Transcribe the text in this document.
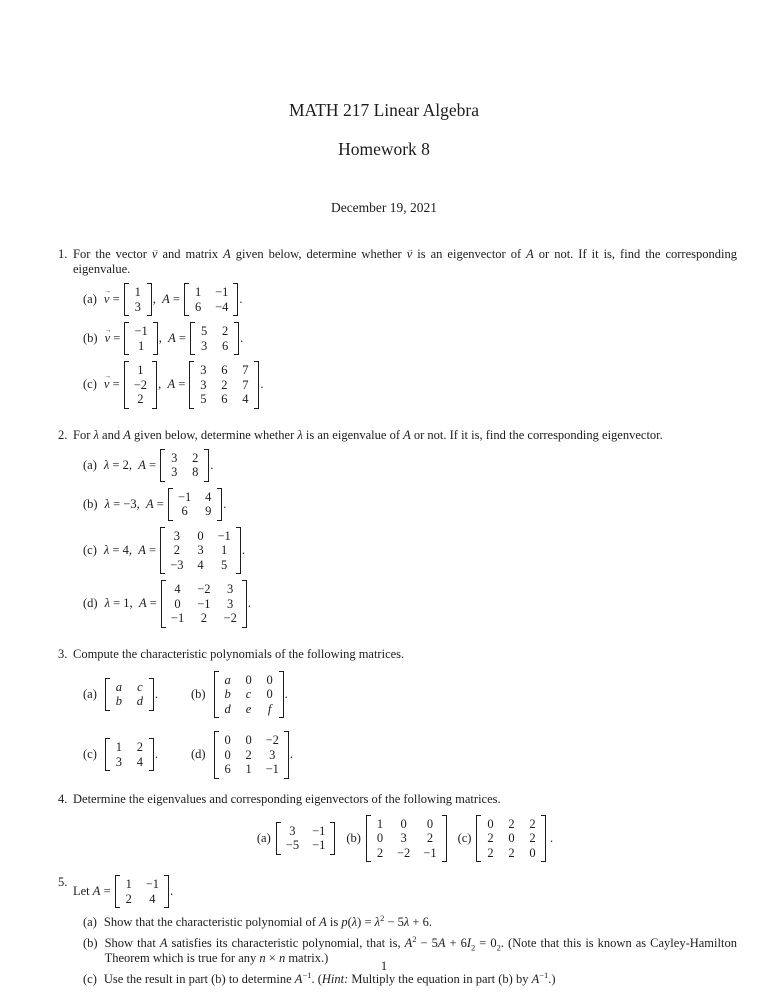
MATH 217 Linear Algebra
Homework 8
December 19, 2021
1. For the vector v → and matrix A given below, determine whether v → is an eigenvector of A or not. If it is, find the corresponding eigenvalue.
(a) v → = 1
3
, A = 1 −1
6 −4
.
(b) v → = −1
1
, A = 5 2
3 6
.
(c) v → =
1
−2
2
, A =
3 6 7
3 2 7
5 6 4
.
2. For λ and A given below, determine whether λ is an eigenvalue of A or not. If it is, find the corresponding eigenvector.
(a) λ = 2, A = 3 2
3 8
.
(b) λ = −3, A = −1 4
6 9
.
(c) λ = 4, A =
3 0 −1
2 3 1
−3 4 5
.
(d) λ = 1, A =
4 −2 3
0 −1 3
−1 2 −2
.
3. Compute the characteristic polynomials of the following matrices.
(a) a c
b d
.	(b)
a 0 0
b c 0
d e f
.
(c) 1 2
3 4
.	(d)
0 0 −2
0 2 3
6 1 −1
.
4. Determine the eigenvalues and corresponding eigenvectors of the following matrices.
(a) 3 −1
−5 −1
(b)
1 0 0
0 3 2
2 −2 −1
(c)
0 2 2
2 0 2
2 2 0
 .
5.
Let A = 1 −1
2 4
.
(a) Show that the characteristic polynomial of A is $p(\lambda) = \lambda^2 - 5\lambda + 6$.
(b) Show that A satisfies its characteristic polynomial, that is, $A^2 - 5A + 6I_2 = 0_2$. (Note that this is known as Cayley-Hamilton Theorem which is true for any n × n matrix.)
(c) Use the result in part (b) to determine $A^{-1}$. (Hint: Multiply the equation in part (b) by $A^{-1}$.)
1
